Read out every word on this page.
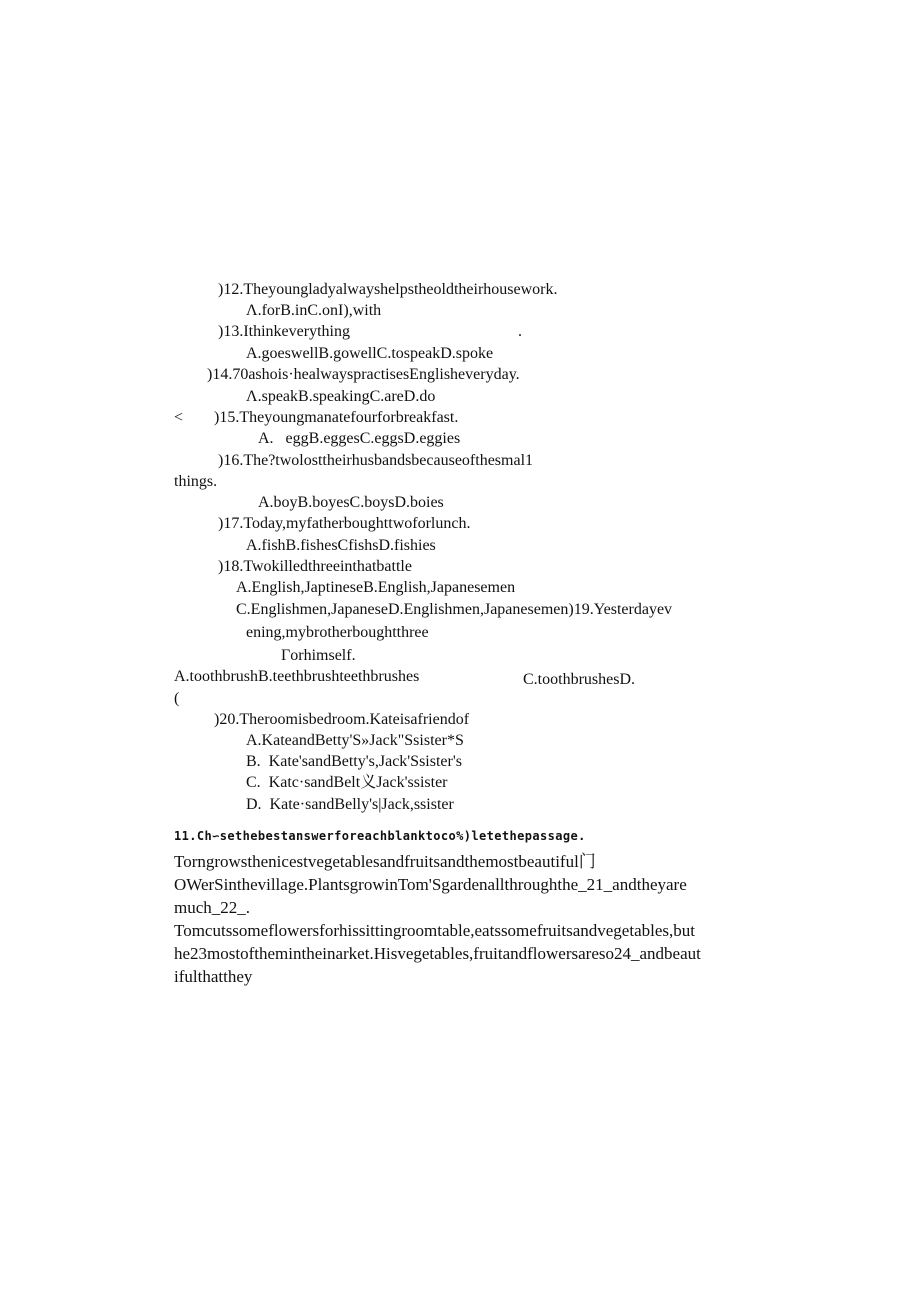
)12.Theyoungladyalwayshelpstheoldtheirhousework.
Λ.forB.inC.onI),with
)13.Ithinkeverything	.
A.goeswellB.gowellC.tospeakD.spoke
)14.70ashois·healwayspractisesEnglisheveryday.
Λ.speakB.speakingC.areD.do
< )15.Theyoungmanatefourforbreakfast.
A.   eggB.eggesC.eggsD.eggies
)16.The?twolosttheirhusbandsbecauseofthesmal1
things.
A.boyB.boyesC.boysD.boies
)17.Today,myfatherboughttwoforlunch.
A.fishB.fishesCfishsD.fishies
)18.Twokilledthreeinthatbattle
A.English,JaptineseB.English,Japanesemen
C.Englishmen,JapaneseD.Englishmen,Japanesemen)19.Yesterdayev
ening,mybrotherboughtthree
Γorhimself.
A.toothbrushB.teethbrushteethbrushes	C.toothbrushesD.
(
)20.Theroomisbedroom.Kateisafriendof
A.KateandBetty'S»Jack"Ssister*S
B.  Kate'sandBetty's,Jack'Ssister's
C.  Katc·sandBelt义Jack'ssister
D.  Kate·sandBelly's|Jack,ssister
11.Ch∽sethebestanswerforeachblanktoco%)letethepassage.
Torngrowsthenicestvegetablesandfruitsandthemostbeautiful门
OWerSinthevillage.PlantsgrowinTom'Sgardenallthroughthe_21_andtheyare
much_22_.
Tomcutssomeflowersforhissittingroomtable,eatssomefruitsandvegetables,but
he23mostofthemintheinarket.Hisvegetables,fruitandflowersareso24_andbeaut
ifulthatthey
